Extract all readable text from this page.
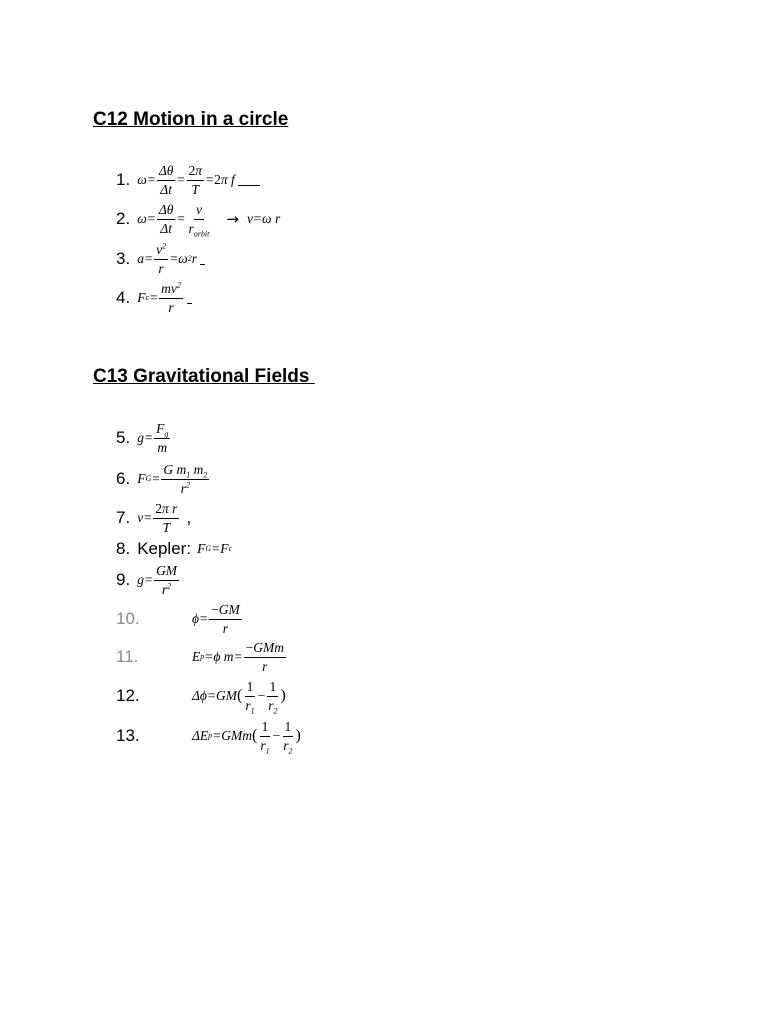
C12 Motion in a circle
1. $\omega= \frac{\Delta\theta}{\Delta t} = \frac{2\pi}{T} = 2$ π f
2. $\omega= \frac{\Delta\theta}{\Delta t} = \frac{v}{r_{orbit}} \to v=\omega$ r
3. $a= \frac{v^2}{r} =\omega$ 2 r
4. F $c = \frac{mv^2}{r}$
C13 Gravitational Fields
5. $g= \frac{F_g}{m}$
6. F $G = \frac{G m_1 m_2}{r^2}$
7. $v= \frac{\text{2π r}}{T}$ ,
8. Kepler: F G =F c
9. $g= \frac{GM}{r^2}$
10.	$\phi= \frac{-GM}{r}$
11.	E p =ϕ $m= \frac{\text{−GMm}}{r}$
12.	Δϕ=GM ( $\frac{1}{r_1} - \frac{1}{r_2}$ )
13.	ΔE p =GMm ( $\frac{1}{r_1} - \frac{1}{r_2}$ )
